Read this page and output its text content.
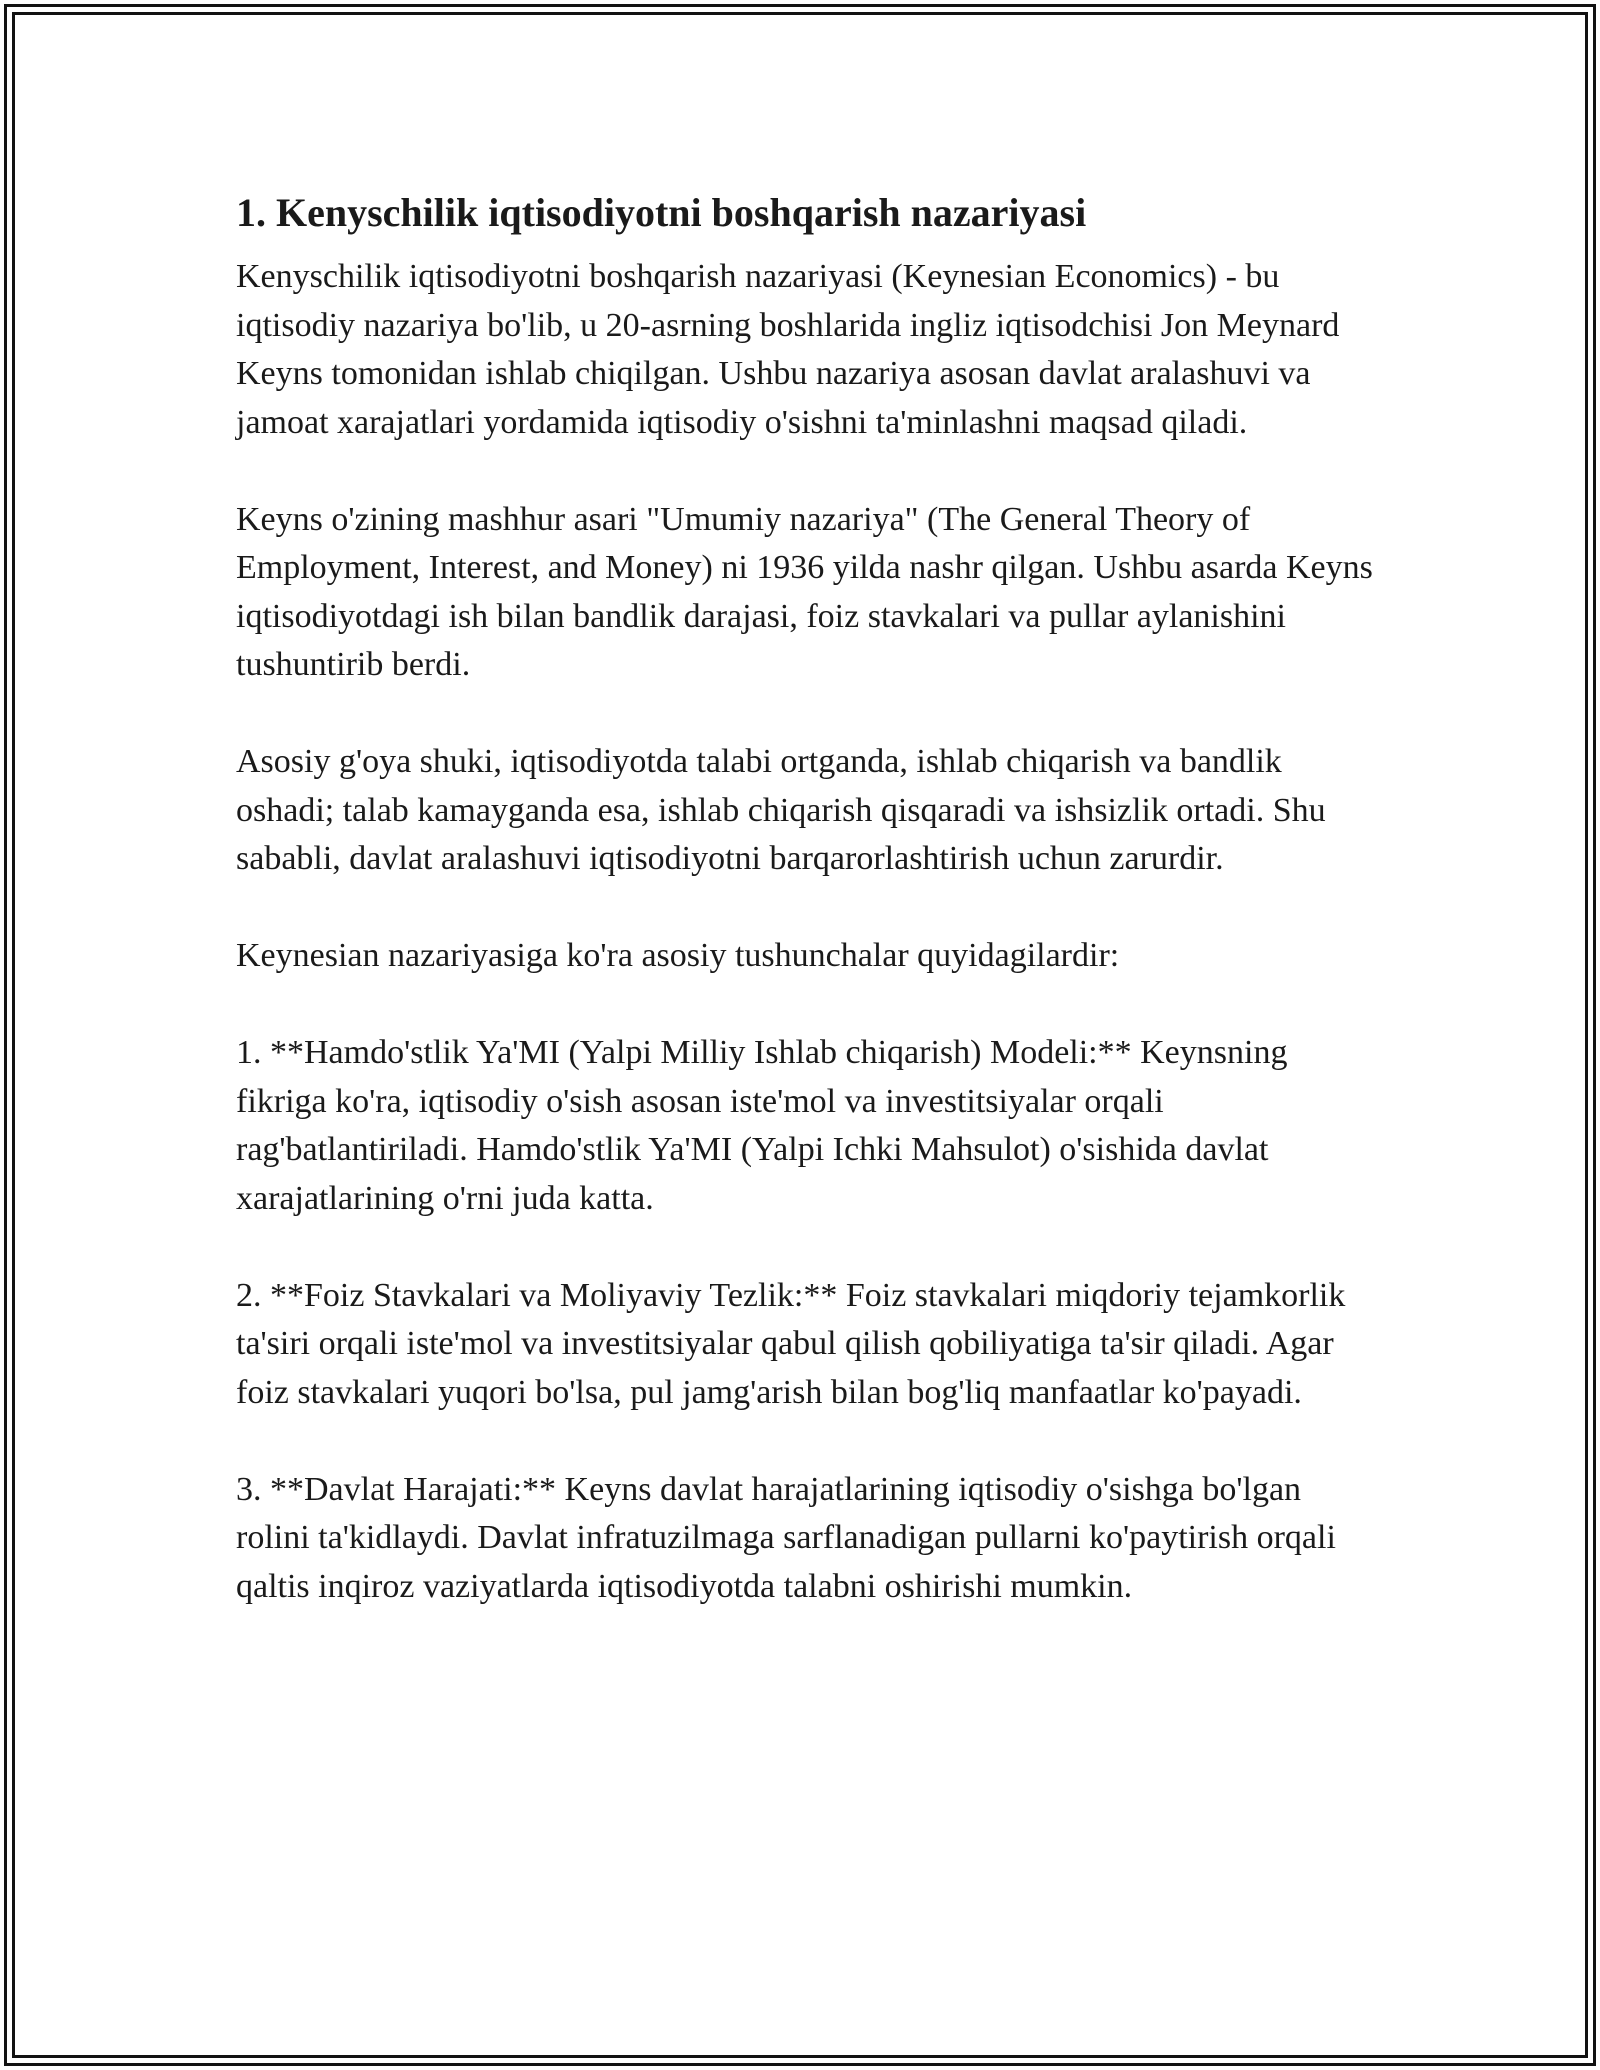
1. Kenyschilik iqtisodiyotni boshqarish nazariyasi

Kenyschilik iqtisodiyotni boshqarish nazariyasi (Keynesian Economics) - bu iqtisodiy nazariya bo'lib, u 20-asrning boshlarida ingliz iqtisodchisi Jon Meynard Keyns tomonidan ishlab chiqilgan. Ushbu nazariya asosan davlat aralashuvi va jamoat xarajatlari yordamida iqtisodiy o'sishni ta'minlashni maqsad qiladi.

Keyns o'zining mashhur asari "Umumiy nazariya" (The General Theory of Employment, Interest, and Money) ni 1936 yilda nashr qilgan. Ushbu asarda Keyns iqtisodiyotdagi ish bilan bandlik darajasi, foiz stavkalari va pullar aylanishini tushuntirib berdi.

Asosiy g'oya shuki, iqtisodiyotda talabi ortganda, ishlab chiqarish va bandlik oshadi; talab kamayganda esa, ishlab chiqarish qisqaradi va ishsizlik ortadi. Shu sababli, davlat aralashuvi iqtisodiyotni barqarorlashtirish uchun zarurdir.

Keynesian nazariyasiga ko'ra asosiy tushunchalar quyidagilardir:

1. **Hamdo'stlik Ya'MI (Yalpi Milliy Ishlab chiqarish) Modeli:** Keynsning fikriga ko'ra, iqtisodiy o'sish asosan iste'mol va investitsiyalar orqali rag'batlantiriladi. Hamdo'stlik Ya'MI (Yalpi Ichki Mahsulot) o'sishida davlat xarajatlarining o'rni juda katta.

2. **Foiz Stavkalari va Moliyaviy Tezlik:** Foiz stavkalari miqdoriy tejamkorlik ta'siri orqali iste'mol va investitsiyalar qabul qilish qobiliyatiga ta'sir qiladi. Agar foiz stavkalari yuqori bo'lsa, pul jamg'arish bilan bog'liq manfaatlar ko'payadi.

3. **Davlat Harajati:** Keyns davlat harajatlarining iqtisodiy o'sishga bo'lgan rolini ta'kidlaydi. Davlat infratuzilmaga sarflanadigan pullarni ko'paytirish orqali qaltis inqiroz vaziyatlarda iqtisodiyotda talabni oshirishi mumkin.
